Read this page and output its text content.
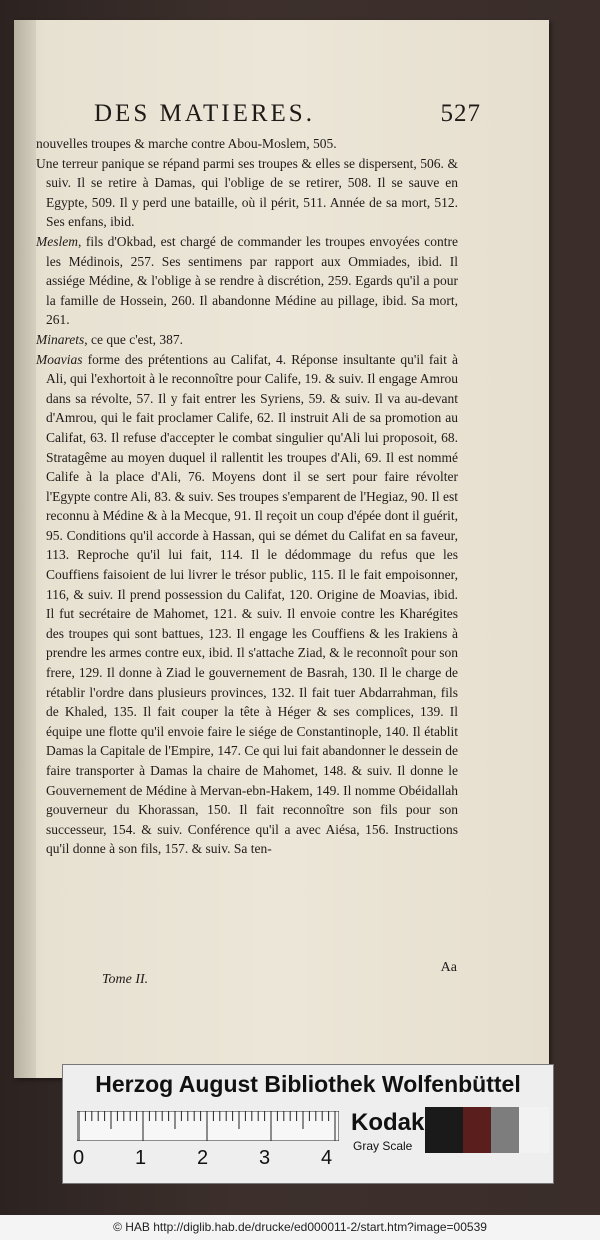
DES MATIERES.	527

nouvelles troupes & marche contre Abou-Moslem, 505.

Une terreur panique se répand parmi ses troupes & elles se dispersent, 506. & suiv. Il se retire à Damas, qui l'oblige de se retirer, 508. Il se sauve en Egypte, 509. Il y perd une bataille, où il périt, 511. Année de sa mort, 512. Ses enfans, ibid.

Meslem, fils d'Okbad, est chargé de commander les troupes envoyées contre les Médinois, 257. Ses sentimens par rapport aux Ommiades, ibid. Il assiége Médine, & l'oblige à se rendre à discrétion, 259. Egards qu'il a pour la famille de Hossein, 260. Il abandonne Médine au pillage, ibid. Sa mort, 261.
Minarets, ce que c'est, 387.
Moavias forme des prétentions au Califat, 4. Réponse insultante qu'il fait à Ali, qui l'exhortoit à le reconnoître pour Calife, 19. & suiv. Il engage Amrou dans sa révolte, 57. Il y fait entrer les Syriens, 59. & suiv. Il va au-devant d'Amrou, qui le fait proclamer Calife, 62. Il instruit Ali de sa promotion au Califat, 63. Il refuse d'accepter le combat singulier qu'Ali lui proposoit, 68. Stratagême au moyen duquel il rallentit les troupes d'Ali, 69. Il est nommé Calife à la place d'Ali, 76. Moyens dont il se sert pour faire révolter l'Egypte contre Ali, 83. & suiv. Ses troupes s'emparent de l'Hegiaz, 90. Il est reconnu à Médine & à la Mecque, 91. Il reçoit un coup d'épée dont il guérit, 95. Conditions qu'il accorde à Hassan, qui se démet du Califat en sa faveur, 113. Reproche qu'il lui fait, 114. Il le dédommage du refus que les Couffiens faisoient de lui livrer le trésor public, 115. Il le fait empoisonner, 116, & suiv. Il prend possession du Califat, 120. Origine de Moavias, ibid. Il fut secrétaire de Mahomet, 121. & suiv. Il envoie contre les Kharégites des troupes qui sont battues, 123. Il engage les Couffiens & les Irakiens à prendre les armes contre eux, ibid. Il s'attache Ziad, & le reconnoît pour son frere, 129. Il donne à Ziad le gouvernement de Basrah, 130. Il le charge de rétablir l'ordre dans plusieurs provinces, 132. Il fait tuer Abdarrahman, fils de Khaled, 135. Il fait couper la tête à Héger & ses complices, 139. Il équipe une flotte qu'il envoie faire le siége de Constantinople, 140. Il établit Damas la Capitale de l'Empire, 147. Ce qui lui fait abandonner le dessein de faire transporter à Damas la chaire de Mahomet, 148. & suiv. Il donne le Gouvernement de Médine à Mervan-ebn-Hakem, 149. Il nomme Obéidallah gouverneur du Khorassan, 150. Il fait reconnoître son fils pour son successeur, 154. & suiv. Conférence qu'il a avec Aiésa, 156. Instructions qu'il donne à son fils, 157. & suiv. Sa ten-
Tome II.
Aa
Herzog August Bibliothek Wolfenbüttel
0	1	2	3	4
Kodak
Gray Scale
© HAB http://diglib.hab.de/drucke/ed000011-2/start.htm?image=00539
